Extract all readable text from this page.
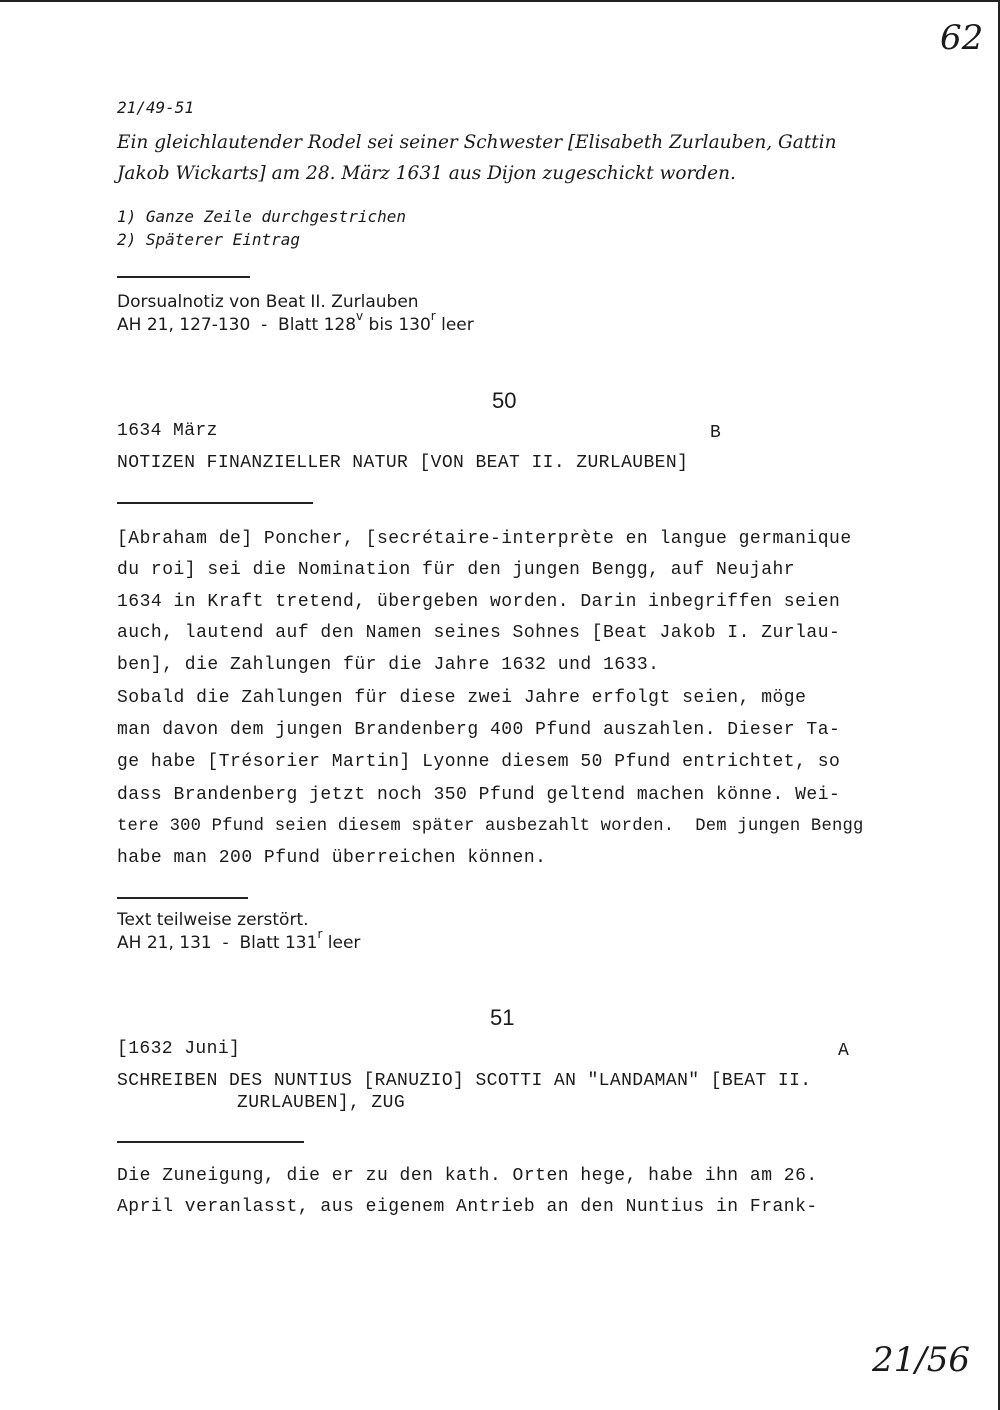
62
21/49-51
Ein gleichlautender Rodel sei seiner Schwester [Elisabeth Zurlauben, Gattin
Jakob Wickarts] am 28. März 1631 aus Dijon zugeschickt worden.
1) Ganze Zeile durchgestrichen
2) Späterer Eintrag
Dorsualnotiz von Beat II. Zurlauben
AH 21, 127-130  -  Blatt 128$^v$ bis 130$^r$ leer
50
1634 März	B
NOTIZEN FINANZIELLER NATUR [VON BEAT II. ZURLAUBEN]
[Abraham de] Poncher, [secrétaire-interprète en langue germanique
du roi] sei die Nomination für den jungen Bengg, auf Neujahr
1634 in Kraft tretend, übergeben worden. Darin inbegriffen seien
auch, lautend auf den Namen seines Sohnes [Beat Jakob I. Zurlau-
ben], die Zahlungen für die Jahre 1632 und 1633.
Sobald die Zahlungen für diese zwei Jahre erfolgt seien, möge
man davon dem jungen Brandenberg 400 Pfund auszahlen. Dieser Ta-
ge habe [Trésorier Martin] Lyonne diesem 50 Pfund entrichtet, so
dass Brandenberg jetzt noch 350 Pfund geltend machen könne. Wei-
tere 300 Pfund seien diesem später ausbezahlt worden.  Dem jungen Bengg
habe man 200 Pfund überreichen können.
Text teilweise zerstört.
AH 21, 131  -  Blatt 131$^r$ leer
51
[1632 Juni]	A
SCHREIBEN DES NUNTIUS [RANUZIO] SCOTTI AN "LANDAMAN" [BEAT II.
ZURLAUBEN], ZUG
Die Zuneigung, die er zu den kath. Orten hege, habe ihn am 26.
April veranlasst, aus eigenem Antrieb an den Nuntius in Frank-
21/56
